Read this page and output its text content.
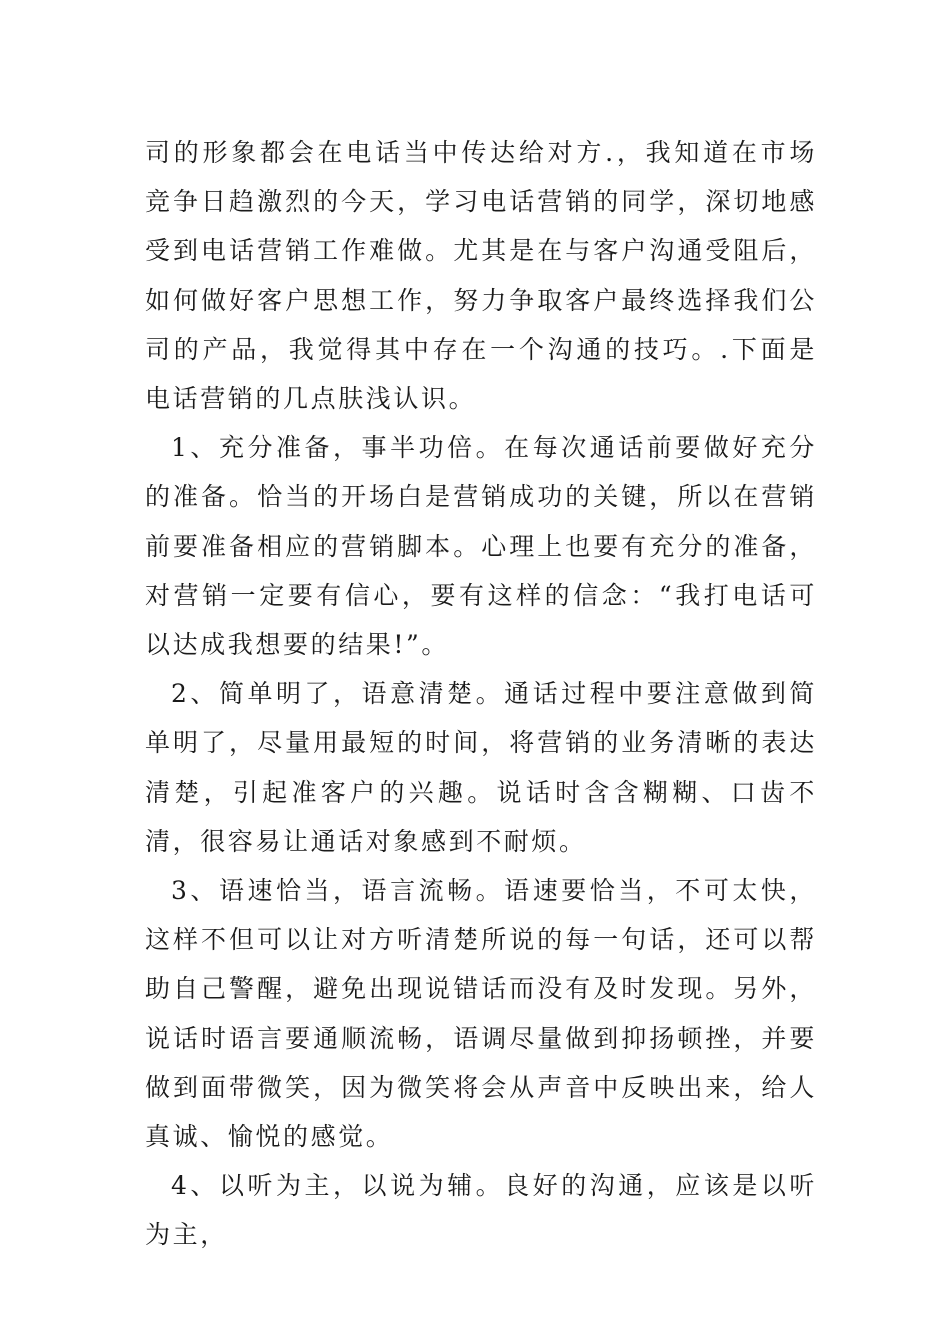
司的形象都会在电话当中传达给对方.，我知道在市场竞争日趋激烈的今天，学习电话营销的同学，深切地感受到电话营销工作难做。尤其是在与客户沟通受阻后，如何做好客户思想工作，努力争取客户最终选择我们公司的产品，我觉得其中存在一个沟通的技巧。.下面是电话营销的几点肤浅认识。

1、充分准备，事半功倍。在每次通话前要做好充分的准备。恰当的开场白是营销成功的关键，所以在营销前要准备相应的营销脚本。心理上也要有充分的准备，对营销一定要有信心，要有这样的信念：“我打电话可以达成我想要的结果!”。

2、简单明了，语意清楚。通话过程中要注意做到简单明了，尽量用最短的时间，将营销的业务清晰的表达清楚，引起准客户的兴趣。说话时含含糊糊、口齿不清，很容易让通话对象感到不耐烦。

3、语速恰当，语言流畅。语速要恰当，不可太快，这样不但可以让对方听清楚所说的每一句话，还可以帮助自己警醒，避免出现说错话而没有及时发现。另外，说话时语言要通顺流畅，语调尽量做到抑扬顿挫，并要做到面带微笑，因为微笑将会从声音中反映出来，给人真诚、愉悦的感觉。

4、以听为主，以说为辅。良好的沟通，应该是以听为主，
